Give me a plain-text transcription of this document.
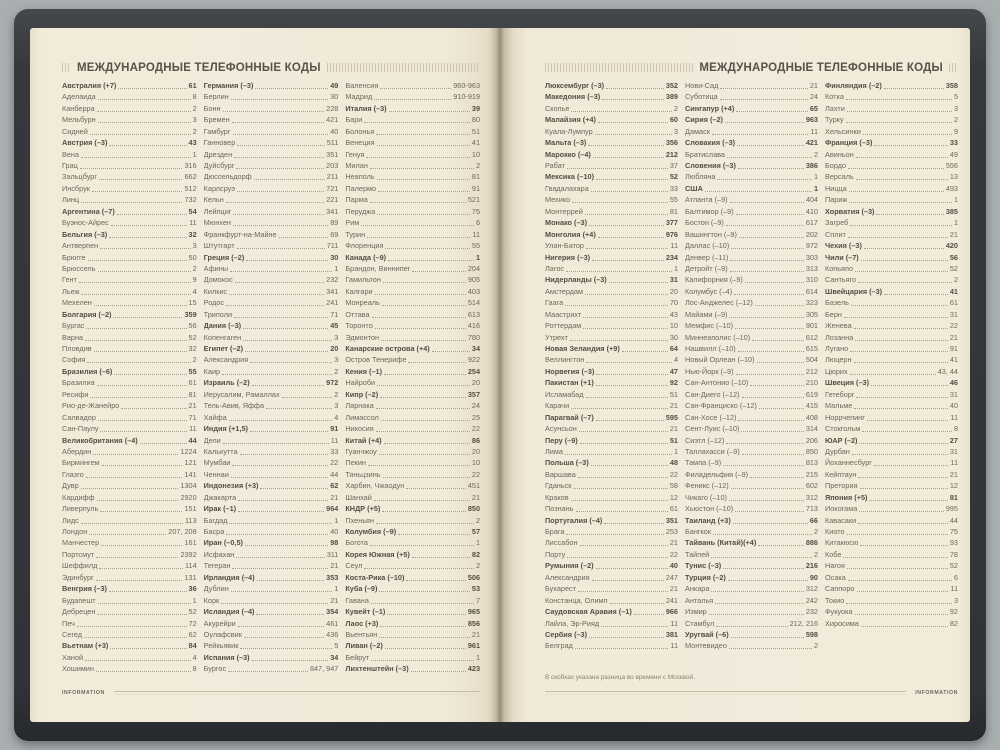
МЕЖДУНАРОДНЫЕ ТЕЛЕФОННЫЕ КОДЫ
Австралия (+7)	61
Аделаида	8
Канберра	2
Мельбурн	3
Сидней	2
Австрия (–3)	43
Вена	1
Грац	316
Зальцбург	662
Инсбрук	512
Линц	732
Аргентина (–7)	54
Буэнос-Айрес	11
Бельгия (–3)	32
Антверпен	3
Брюгге	50
Брюссель	2
Гент	9
Льеж	4
Мехелен	15
Болгария (–2)	359
Бургас	56
Варна	52
Пловдив	32
София	2
Бразилия (–6)	55
Бразилиа	61
Ресифи	81
Рио-де-Жанейро	21
Салвадор	71
Сан-Паулу	11
Великобритания (–4)	44
Абердин	1224
Бирмингем	121
Глазго	141
Дувр	1304
Кардифф	2920
Ливерпуль	151
Лидс	113
Лондон	207, 208
Манчестер	161
Портсмут	2392
Шеффилд	114
Эдинбург	131
Венгрия (–3)	36
Будапешт	1
Дебрецен	52
Печ	72
Сегед	62
Вьетнам (+3)	84
Ханой	4
Хошимин	8
Германия (–3)	49
Берлин	30
Бонн	228
Бремен	421
Гамбург	40
Ганновер	511
Дрезден	351
Дуйсбург	203
Дюссельдорф	211
Карлсруэ	721
Кельн	221
Лейпциг	341
Мюнхен	89
Франкфурт-на-Майне	69
Штутгарт	711
Греция (–2)	30
Афины	1
Домокос	232
Килкис	341
Родос	241
Триполи	71
Дания (–3)	45
Копенгаген	3
Египет (–2)	20
Александрия	3
Каир	2
Израиль (–2)	972
Иерусалим, Рамаллах	2
Тель-Авив, Яффа	3
Хайфа	4
Индия (+1,5)	91
Дели	11
Калькутта	33
Мумбаи	22
Ченнаи	44
Индонезия (+3)	62
Джакарта	21
Ирак (–1)	964
Багдад	1
Басра	40
Иран (–0,5)	98
Исфахан	311
Тегеран	21
Ирландия (–4)	353
Дублин	1
Корк	21
Исландия (–4)	354
Акурейри	461
Оулафсвик	436
Рейкьявик	5
Испания (–3)	34
Бургос	847, 947
Валенсия	960-963
Мадрид	910-919
Италия (–3)	39
Бари	80
Болонья	51
Венеция	41
Генуя	10
Милан	2
Неаполь	81
Палермо	91
Парма	521
Перуджа	75
Рим	6
Турин	11
Флоренция	55
Канада (–9)	1
Брандон, Виннипег	204
Гамильтон	905
Калгари	403
Монреаль	514
Оттава	613
Торонто	416
Эдмонтон	780
Канарские острова (+4)	34
Остров Тенерифе	922
Кения (–1)	254
Найроби	20
Кипр (–2)	357
Ларнака	24
Лимассол	25
Никосия	22
Китай (+4)	86
Гуанчжоу	20
Пекин	10
Тяньцзинь	22
Харбин, Чжаодун	451
Шанхай	21
КНДР (+5)	850
Пхеньян	2
Колумбия (–9)	57
Богота	1
Корея Южная (+5)	82
Сеул	2
Коста-Рика (–10)	506
Куба (–9)	53
Гавана	7
Кувейт (–1)	965
Лаос (+3)	856
Вьентьян	21
Ливан (–2)	961
Бейрут	1
Лихтенштейн (–3)	423
INFORMATION
МЕЖДУНАРОДНЫЕ ТЕЛЕФОННЫЕ КОДЫ
Люксембург (–3)	352
Македония (–3)	389
Скопье	2
Малайзия (+4)	60
Куала-Лумпур	3
Мальта (–3)	356
Марокко (–4)	212
Рабат	37
Мексика (–10)	52
Гвадалахара	33
Мехико	55
Монтеррей	81
Монако (–3)	377
Монголия (+4)	976
Улан-Батор	11
Нигерия (–3)	234
Лагос	1
Нидерланды (–3)	31
Амстердам	20
Гаага	70
Маастрихт	43
Роттердам	10
Утрехт	30
Новая Зеландия (+9)	64
Веллингтон	4
Норвегия (–3)	47
Пакистан (+1)	92
Исламабад	51
Карачи	21
Парагвай (–7)	595
Асунсьон	21
Перу (–9)	51
Лима	1
Польша (–3)	48
Варшава	22
Гданьск	58
Краков	12
Познань	61
Португалия (–4)	351
Брага	253
Лиссабон	21
Порту	22
Румыния (–2)	40
Александрия	247
Бухарест	21
Констанца, Олимп	241
Саудовская Аравия (–1)	966
Лайла, Эр-Рияд	11
Сербия (–3)	381
Белград	11
Нови-Сад	21
Суботица	24
Сингапур (+4)	65
Сирия (–2)	963
Дамаск	11
Словакия (–3)	421
Братислава	2
Словения (–3)	386
Любляна	1
США	1
Атланта (–9)	404
Балтимор (–9)	410
Бостон (–9)	617
Вашингтон (–9)	202
Даллас (–10)	972
Денвер (–11)	303
Детройт (–9)	313
Калифорния (–9)	310
Колумбус (–4)	614
Лос-Анджелес (–12)	323
Майами (–9)	305
Мемфис (–10)	901
Миннеаполис (–10)	612
Нашвилл (–10)	615
Новый Орлеан (–10)	504
Нью-Йорк (–9)	212
Сан-Антонио (–10)	210
Сан-Диего (–12)	619
Сан-Франциско (–12)	415
Сан-Хосе (–12)	408
Сент-Луис (–10)	314
Сиэтл (–12)	206
Таллахасси (–9)	850
Тампа (–9)	813
Филадельфия (–9)	215
Феникс (–12)	602
Чикаго (–10)	312
Хьюстон (–10)	713
Таиланд (+3)	66
Бангкок	2
Тайвань (Китай)(+4)	886
Тайпей	2
Тунис (–3)	216
Турция (–2)	90
Анкара	312
Анталья	242
Измир	232
Стамбул	212, 216
Уругвай (–6)	598
Монтевидео	2
Финляндия (–2)	358
Котка	5
Лахти	3
Турку	2
Хельсинки	9
Франция (–3)	33
Авиньон	49
Бордо	556
Версаль	13
Ницца	493
Париж	1
Хорватия (–3)	385
Загреб	1
Сплит	21
Чехия (–3)	420
Чили (–7)	56
Копьяпо	52
Сантьяго	2
Швейцария (–3)	41
Базель	61
Берн	31
Женева	22
Лозанна	21
Лугано	91
Люцерн	41
Цюрих	43, 44
Швеция (–3)	46
Гетеборг	31
Мальме	40
Норрчепинг	11
Стокгольм	8
ЮАР (–2)	27
Дурбан	31
Йоханнесбург	11
Кейптаун	21
Претория	12
Япония (+5)	81
Иокогама	995
Кавасаки	44
Киото	75
Китакюсю	93
Кобе	78
Нагоя	52
Осака	6
Саппоро	11
Токио	3
Фукуока	92
Хиросима	82
В скобках указана разница во времени с Москвой.
INFORMATION
